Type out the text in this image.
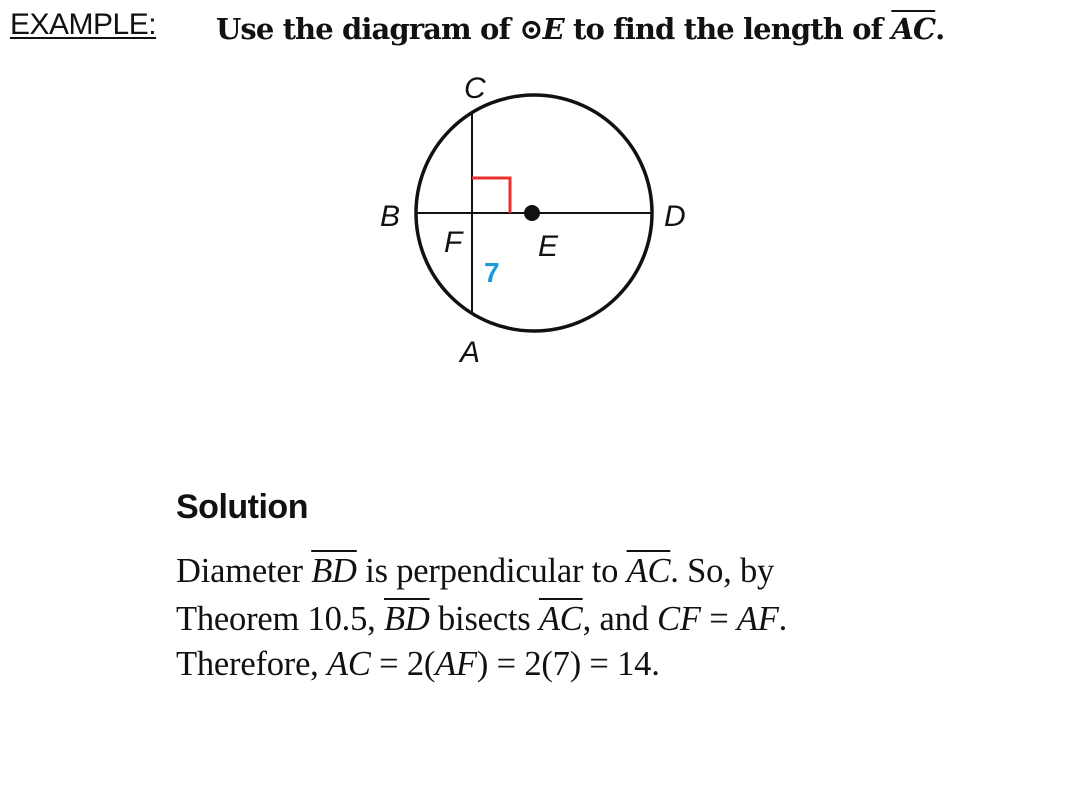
EXAMPLE: Use the diagram of ⊙E to find the length of $\overline{AC}$.
C
B	D
F	E
A
7
Solution
Diameter $\overline{BD}$ is perpendicular to $\overline{AC}$. So, by
Theorem 10.5, $\overline{BD}$ bisects $\overline{AC}$, and CF = AF.
Therefore, AC = 2(AF) = 2(7) = 14.
